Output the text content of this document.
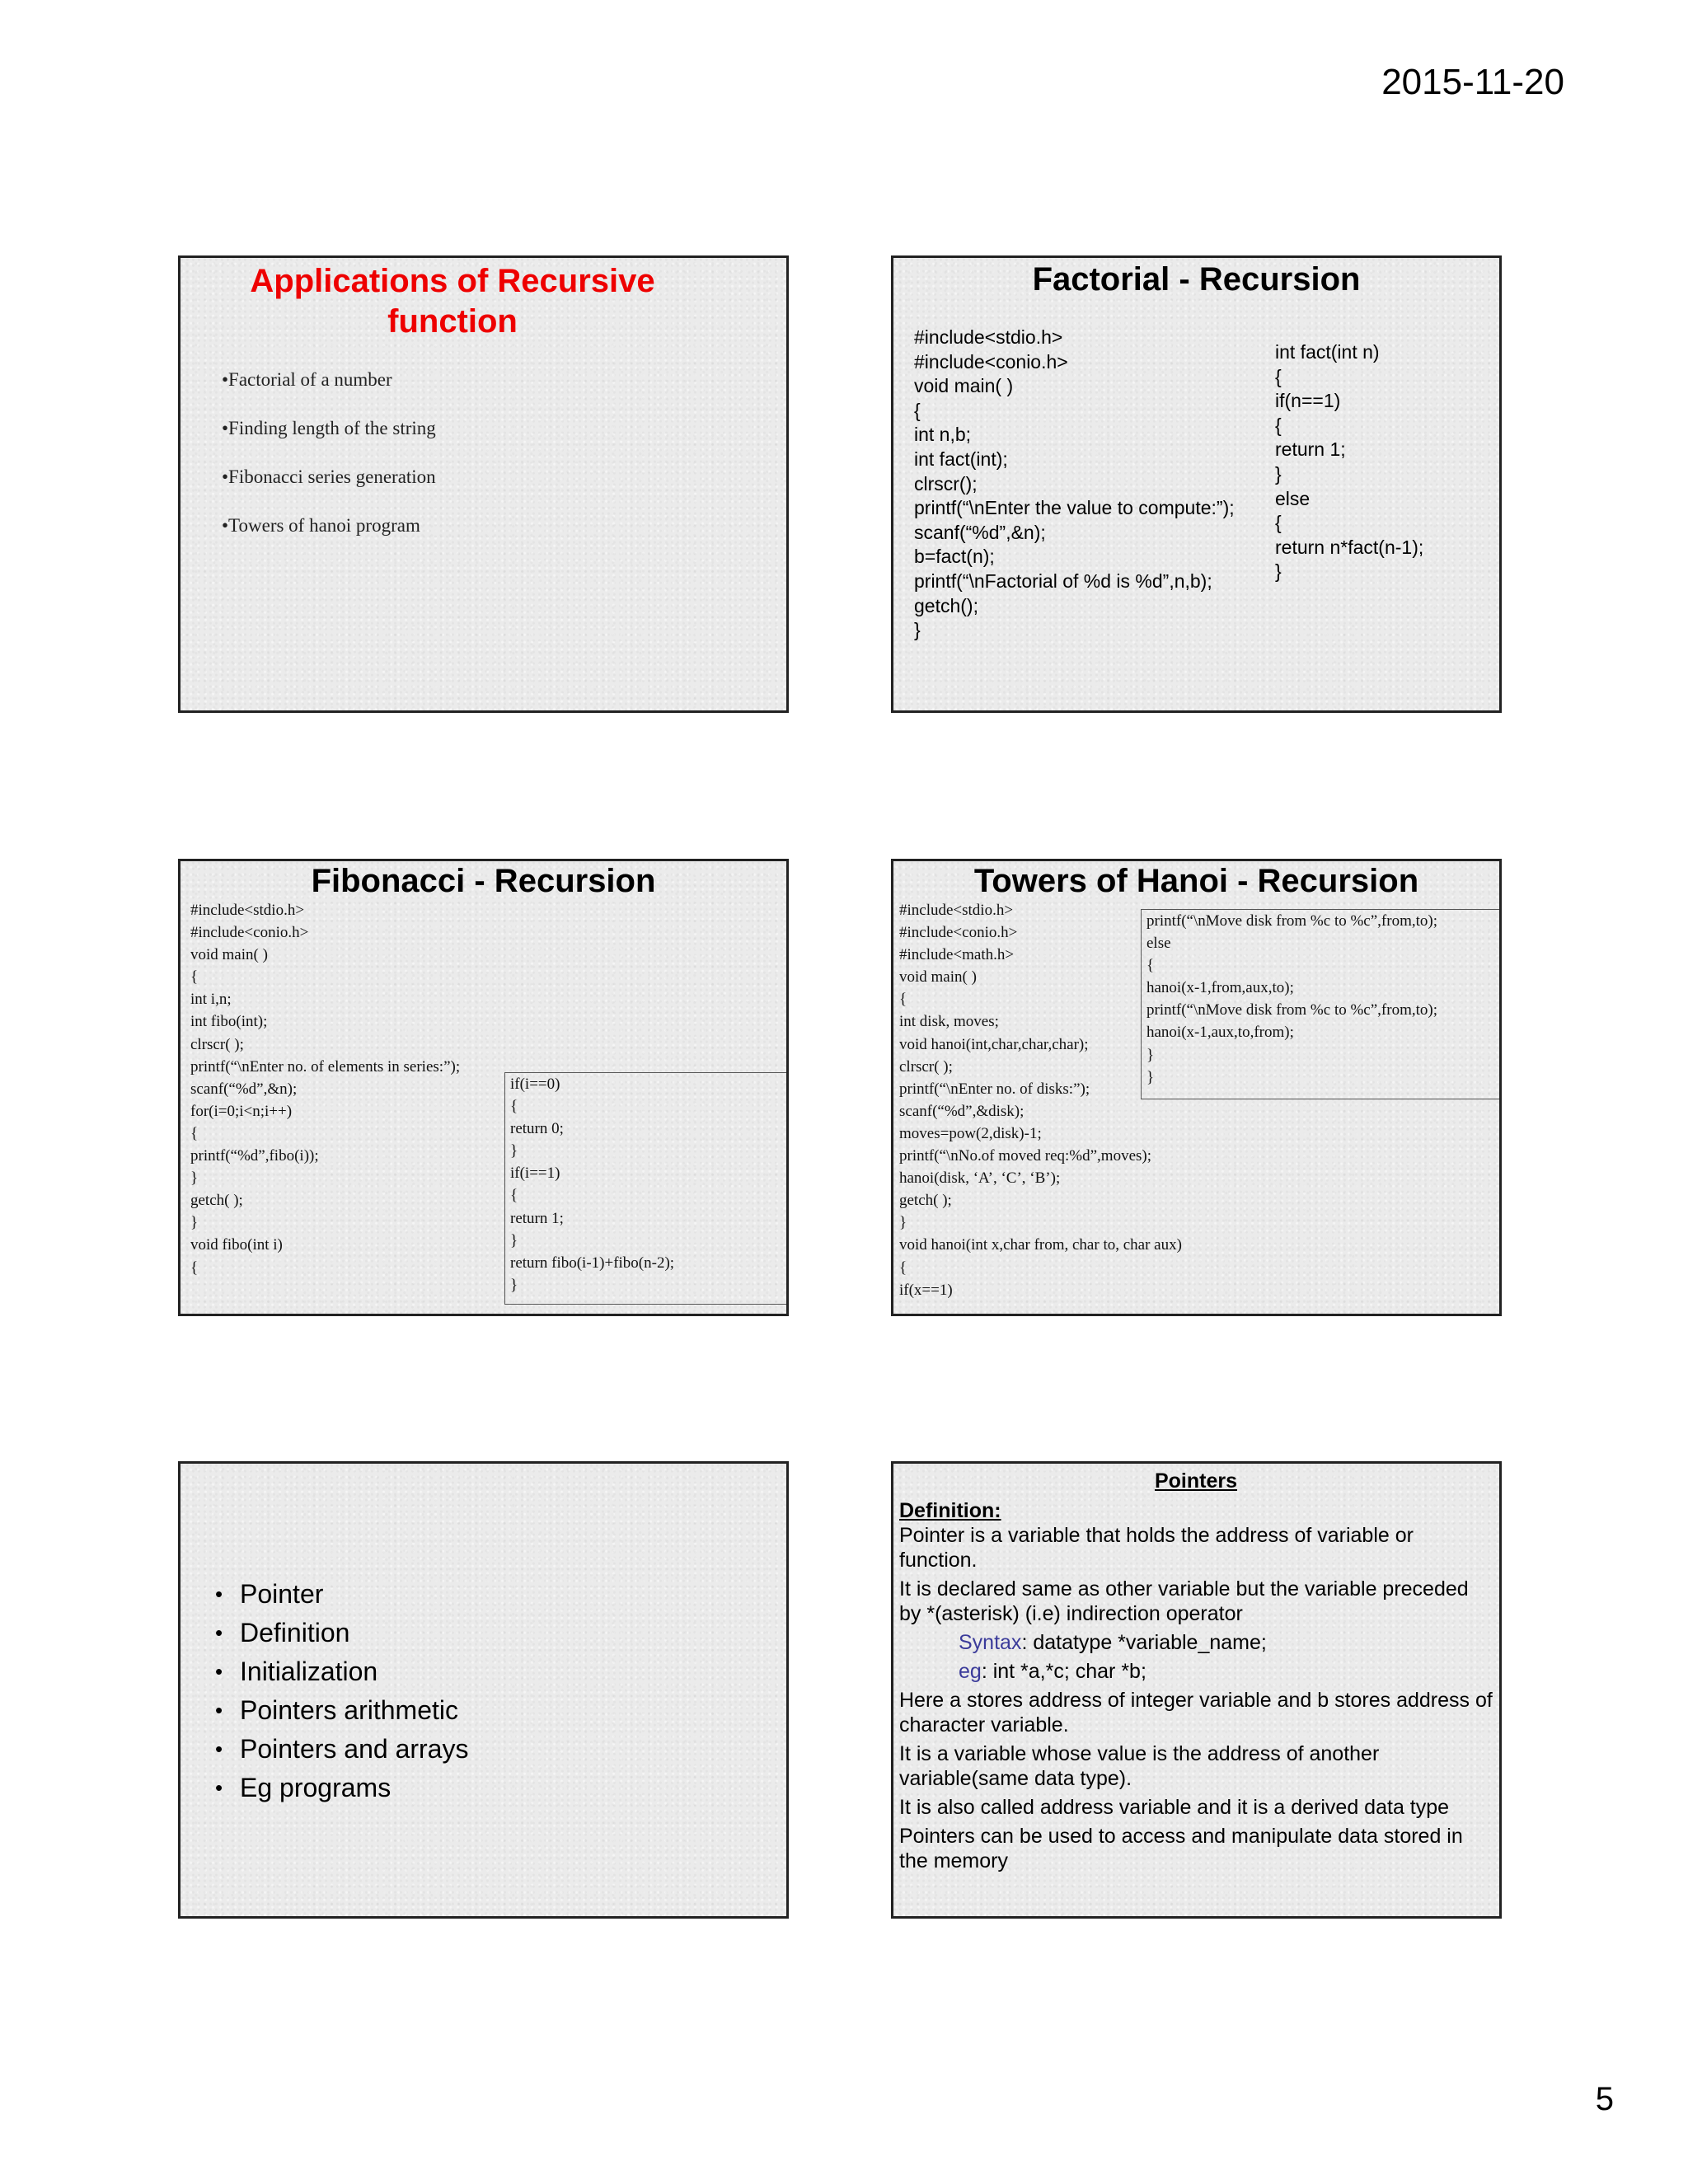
2015-11-20
Applications of Recursive
function
•Factorial of a number
•Finding length of the string
•Fibonacci series generation
•Towers of hanoi program
Factorial - Recursion
#include<stdio.h>
#include<conio.h>
void main( )
{
int n,b;
int fact(int);
clrscr();
printf(“\nEnter the value to compute:”);
scanf(“%d”,&n);
b=fact(n);
printf(“\nFactorial of %d is %d”,n,b);
getch();
}
int fact(int n)
{
if(n==1)
{
return 1;
}
else
{
return n*fact(n-1);
}
Fibonacci - Recursion
#include<stdio.h>
#include<conio.h>
void main( )
{
int i,n;
int fibo(int);
clrscr( );
printf(“\nEnter no. of elements in series:”);
scanf(“%d”,&n);
for(i=0;i<n;i++)
{
printf(“%d”,fibo(i));
}
getch( );
}
void fibo(int i)
{
if(i==0)
{
return 0;
}
if(i==1)
{
return 1;
}
return fibo(i-1)+fibo(n-2);
}
Towers of Hanoi - Recursion
#include<stdio.h>
#include<conio.h>
#include<math.h>
void main( )
{
int disk, moves;
void hanoi(int,char,char,char);
clrscr( );
printf(“\nEnter no. of disks:”);
scanf(“%d”,&disk);
moves=pow(2,disk)-1;
printf(“\nNo.of moved req:%d”,moves);
hanoi(disk, ‘A’, ‘C’, ‘B’);
getch( );
}
void hanoi(int x,char from, char to, char aux)
{
if(x==1)
printf(“\nMove disk from %c to %c”,from,to);
else
{
hanoi(x-1,from,aux,to);
printf(“\nMove disk from %c to %c”,from,to);
hanoi(x-1,aux,to,from);
}
}
• Pointer
• Definition
• Initialization
• Pointers arithmetic
• Pointers and arrays
• Eg programs
Pointers
Definition:

Pointer is a variable that holds the address of variable or function.

It is declared same as other variable but the variable preceded by *(asterisk) (i.e) indirection operator

Syntax: datatype *variable_name;

eg: int *a,*c; char *b;

Here a stores address of integer variable and b stores address of character variable.

It is a variable whose value is the address of another variable(same data type).

It is also called address variable and it is a derived data type

Pointers can be used to access and manipulate data stored in the memory

5
